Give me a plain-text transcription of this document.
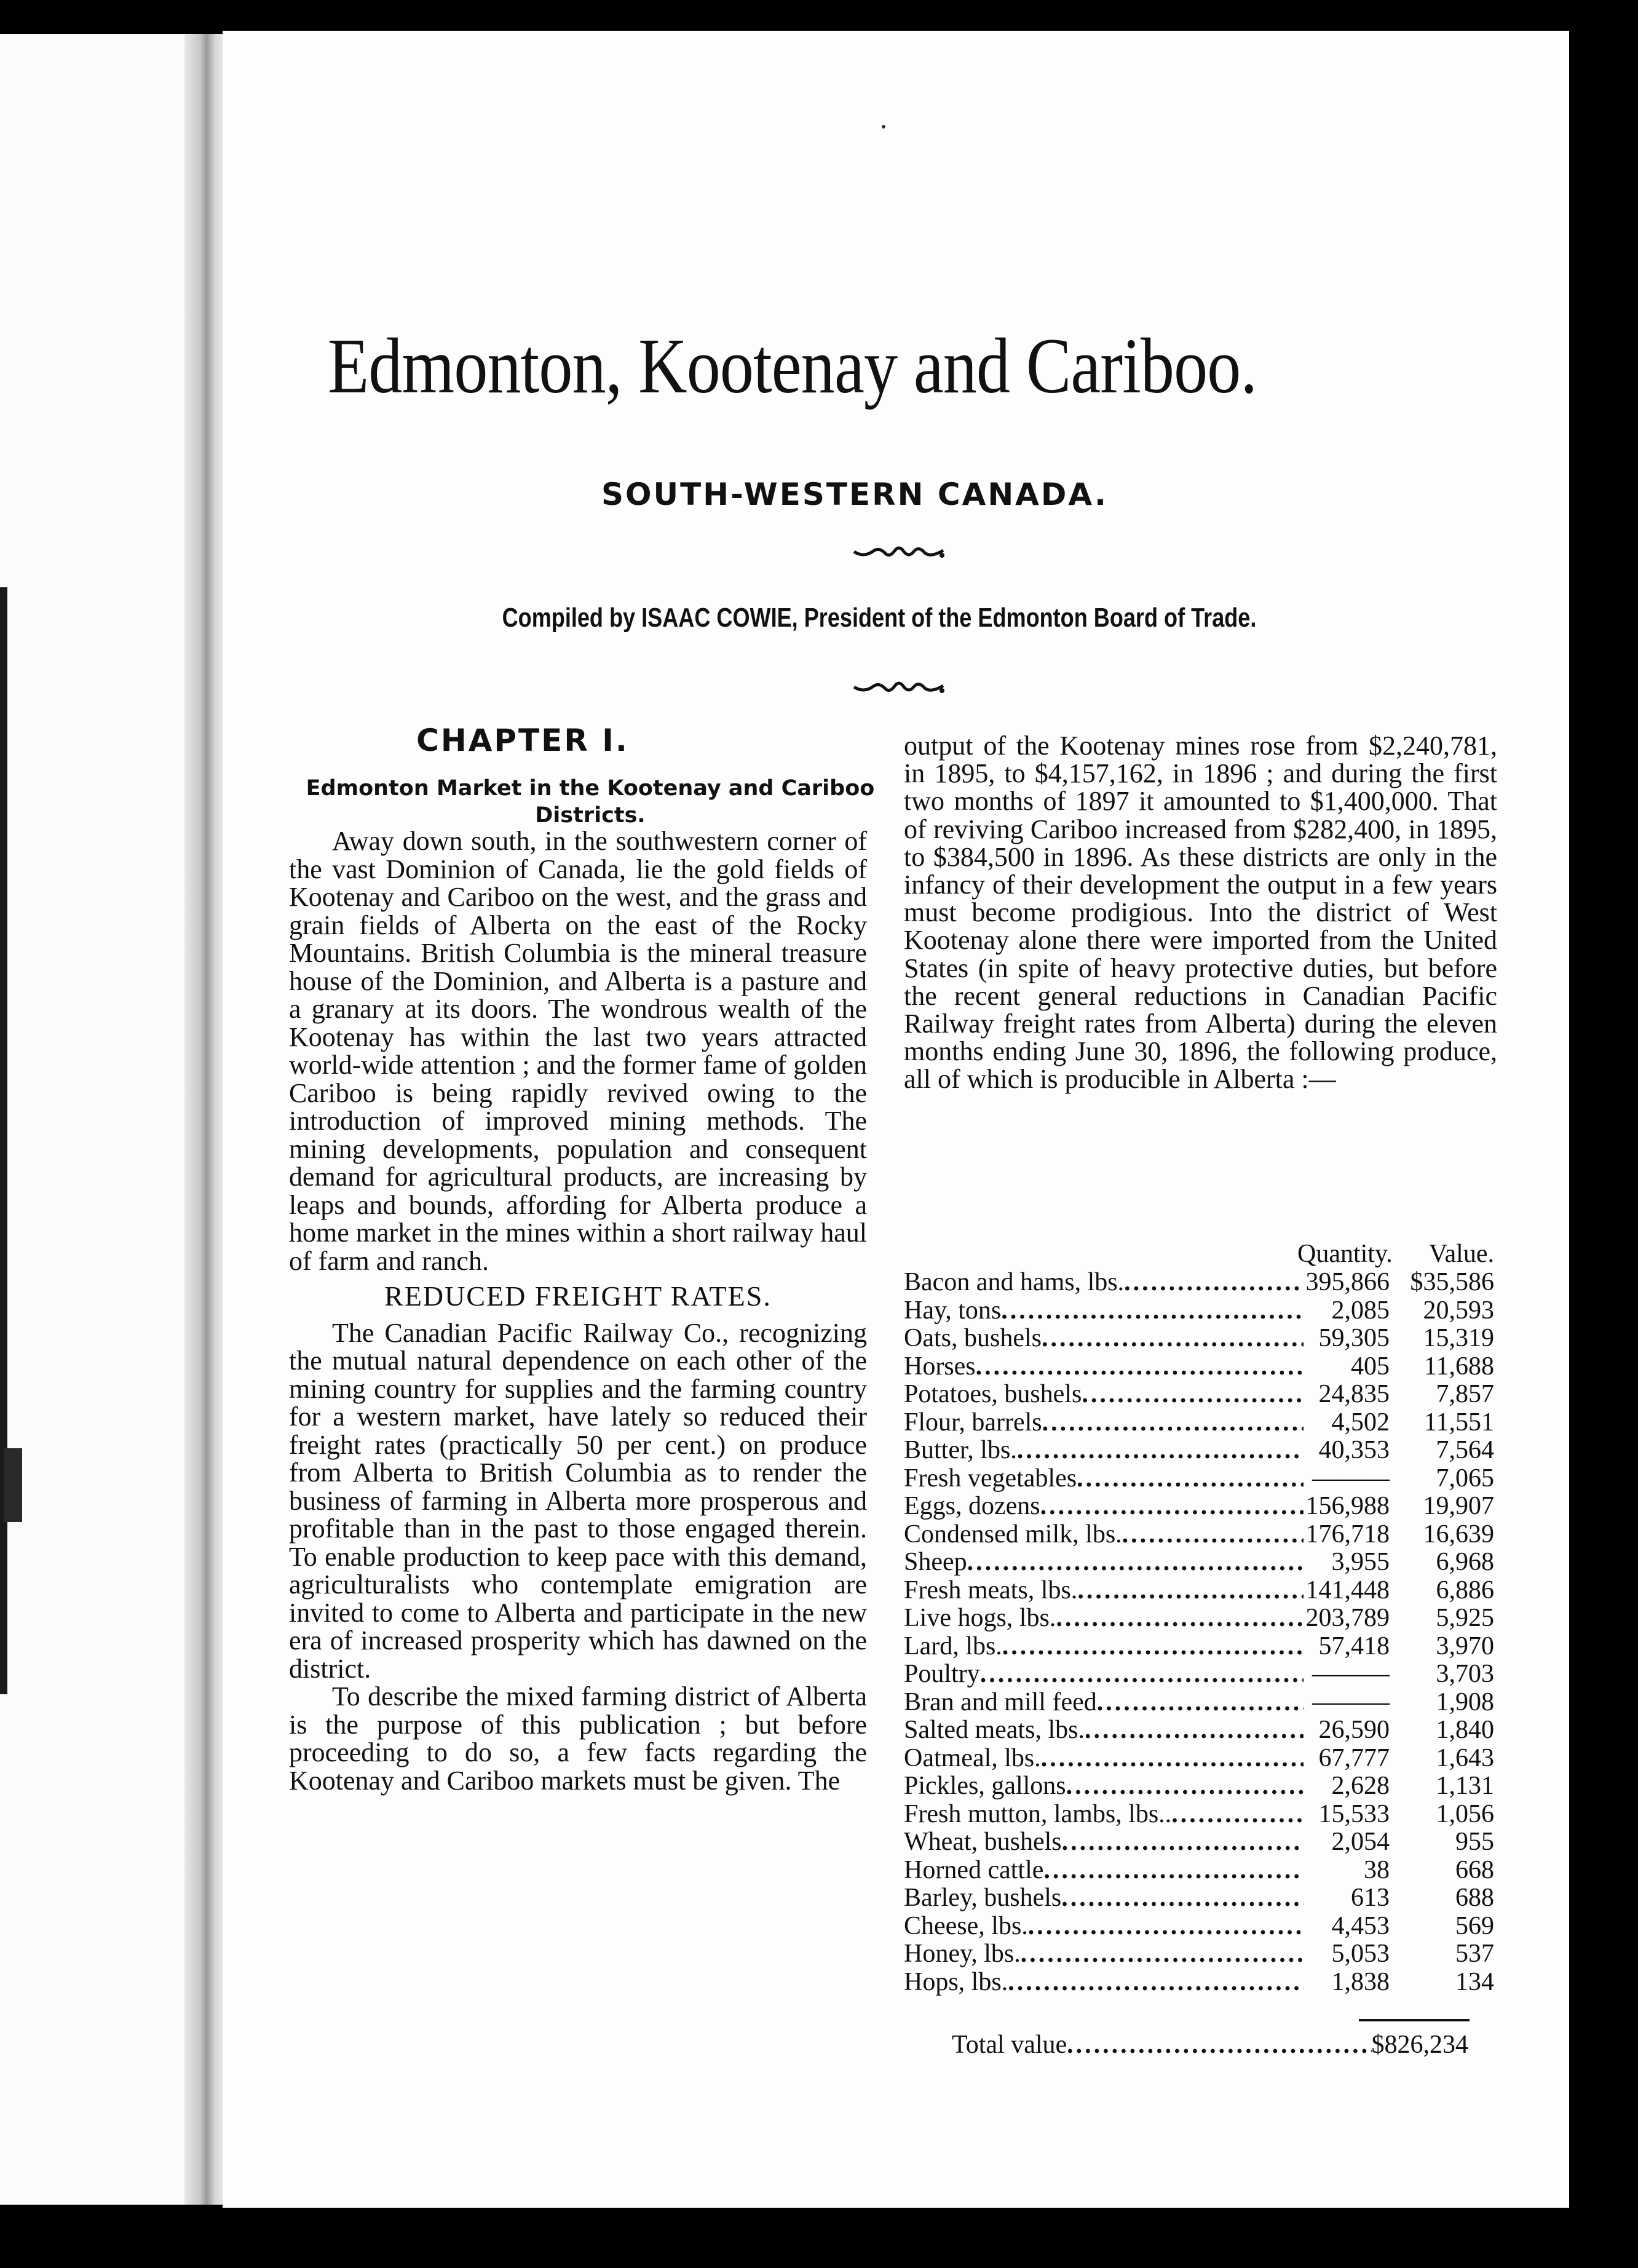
Edmonton, Kootenay and Cariboo.
SOUTH-WESTERN CANADA.
Compiled by ISAAC COWIE, President of the Edmonton Board of Trade.
CHAPTER I.
Edmonton Market in the Kootenay and Cariboo Districts.

Away down south, in the southwestern corner of the vast Dominion of Canada, lie the gold fields of Kootenay and Cariboo on the west, and the grass and grain fields of Alberta on the east of the Rocky Mountains. British Columbia is the mineral treasure house of the Dominion, and Alberta is a pasture and a granary at its doors. The wondrous wealth of the Kootenay has within the last two years attracted world-wide attention ; and the former fame of golden Cariboo is being rapidly revived owing to the introduction of improved mining methods. The mining developments, population and consequent demand for agricultural products, are increasing by leaps and bounds, affording for Alberta produce a home market in the mines within a short railway haul of farm and ranch.

REDUCED FREIGHT RATES.

The Canadian Pacific Railway Co., recognizing the mutual natural dependence on each other of the mining country for supplies and the farming country for a western market, have lately so reduced their freight rates (practically 50 per cent.) on produce from Alberta to British Columbia as to render the business of farming in Alberta more prosperous and profitable than in the past to those engaged therein. To enable production to keep pace with this demand, agriculturalists who contemplate emigration are invited to come to Alberta and participate in the new era of increased prosperity which has dawned on the district.

To describe the mixed farming district of Alberta is the purpose of this publication ; but before proceeding to do so, a few facts regarding the Kootenay and Cariboo markets must be given. The

output of the Kootenay mines rose from $2,240,781, in 1895, to $4,157,162, in 1896 ; and during the first two months of 1897 it amounted to $1,400,000. That of reviving Cariboo increased from $282,400, in 1895, to $384,500 in 1896. As these districts are only in the infancy of their development the output in a few years must become prodigious. Into the district of West Kootenay alone there were imported from the United States (in spite of heavy protective duties, but before the recent general reductions in Canadian Pacific Railway freight rates from Alberta) during the eleven months ending June 30, 1896, the following produce, all of which is producible in Alberta :—

Quantity.	Value.
Bacon and hams, lbs. .....	395,866 $35,586
Hay, tons .....	2,085	20,593
Oats, bushels .....	59,305	15,319
Horses .....	405	11,688
Potatoes, bushels .....	24,835	7,857
Flour, barrels .....	4,502	11,551
Butter, lbs. .....	40,353	7,564
Fresh vegetables .....	———	7,065
Eggs, dozens .....	156,988	19,907
Condensed milk, lbs. .....	176,718	16,639
Sheep .....	3,955	6,968
Fresh meats, lbs. .....	141,448	6,886
Live hogs, lbs. .....	203,789	5,925
Lard, lbs. .....	57,418	3,970
Poultry .....	———	3,703
Bran and mill feed .....	———	1,908
Salted meats, lbs. .....	26,590	1,840
Oatmeal, lbs. .....	67,777	1,643
Pickles, gallons .....	2,628	1,131
Fresh mutton, lambs, lbs.. .....	15,533	1,056
Wheat, bushels .....	2,054	955
Horned cattle .....	38	668
Barley, bushels .....	613	688
Cheese, lbs. .....	4,453	569
Honey, lbs. .....	5,053	537
Hops, lbs. .....	1,838	134
Total value .....	$826,234
